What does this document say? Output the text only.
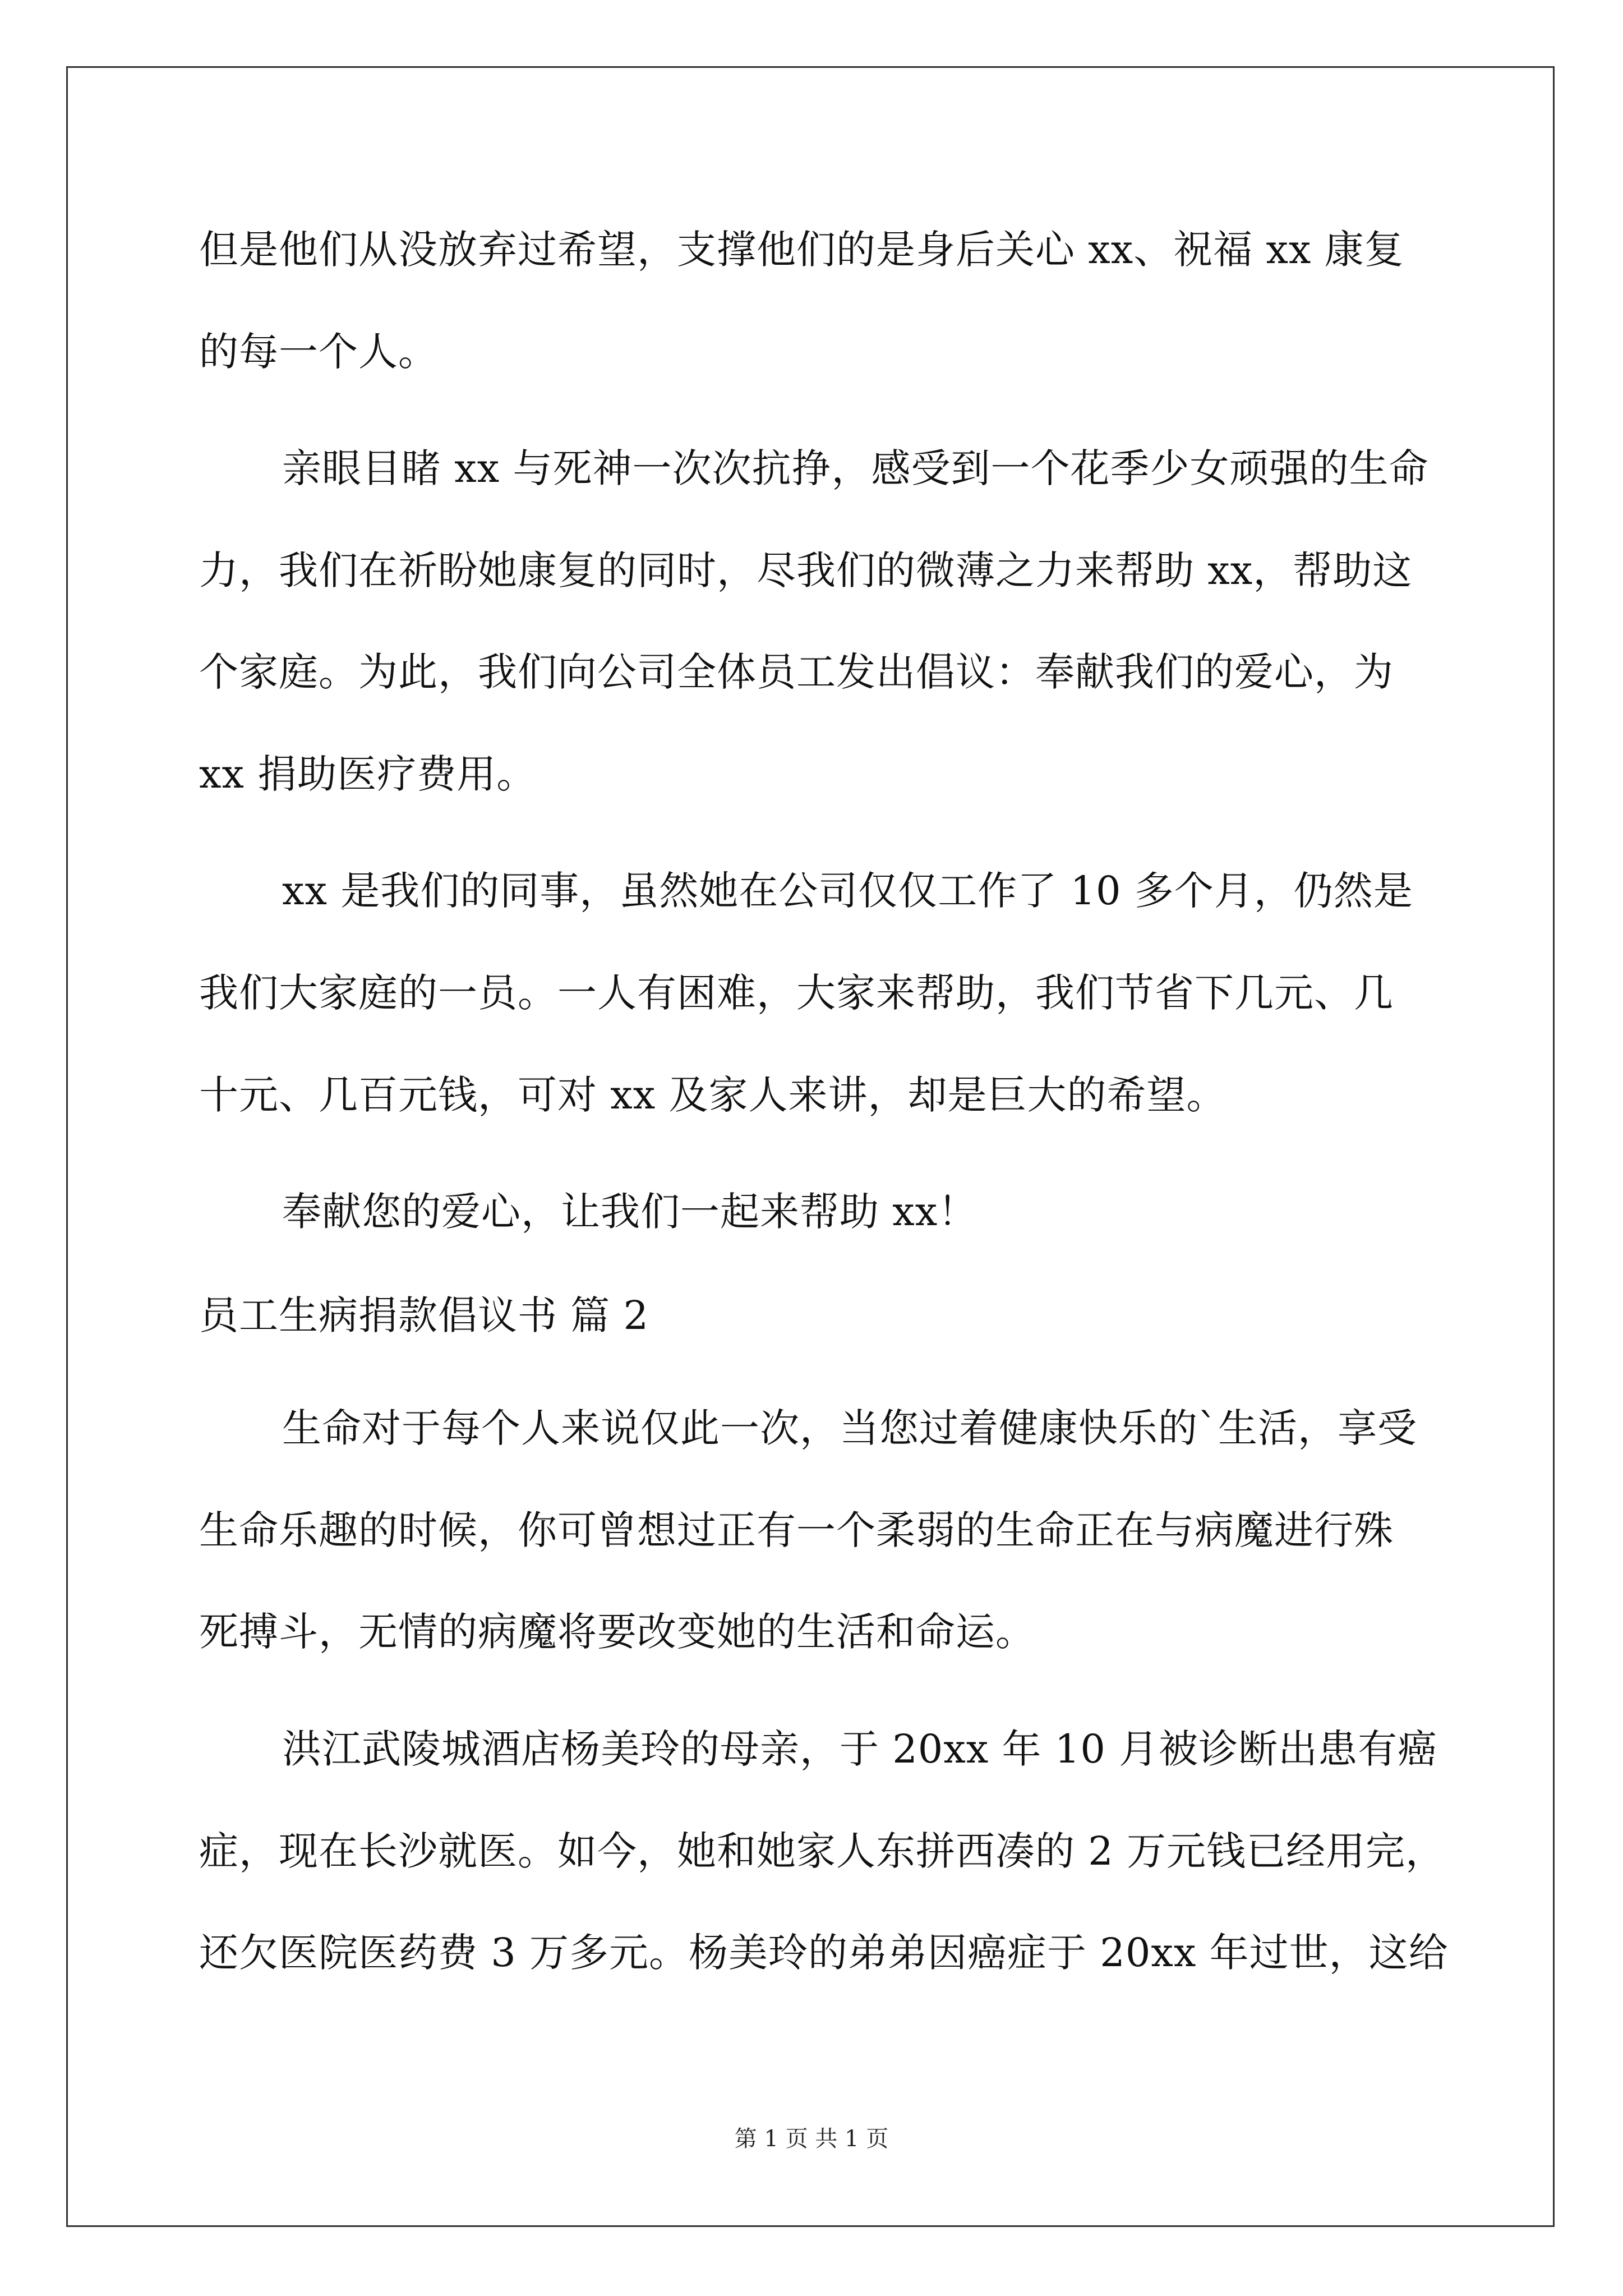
但是他们从没放弃过希望，支撑他们的是身后关心 xx、祝福 xx 康复
的每一个人。
亲眼目睹 xx 与死神一次次抗挣，感受到一个花季少女顽强的生命
力，我们在祈盼她康复的同时，尽我们的微薄之力来帮助 xx，帮助这
个家庭。为此，我们向公司全体员工发出倡议：奉献我们的爱心，为
xx 捐助医疗费用。
xx 是我们的同事，虽然她在公司仅仅工作了 10 多个月，仍然是
我们大家庭的一员。一人有困难，大家来帮助，我们节省下几元、几
十元、几百元钱，可对 xx 及家人来讲，却是巨大的希望。
奉献您的爱心，让我们一起来帮助 xx！
员工生病捐款倡议书 篇 2
生命对于每个人来说仅此一次，当您过着健康快乐的`生活，享受
生命乐趣的时候，你可曾想过正有一个柔弱的生命正在与病魔进行殊
死搏斗，无情的病魔将要改变她的生活和命运。
洪江武陵城酒店杨美玲的母亲，于 20xx 年 10 月被诊断出患有癌
症，现在长沙就医。如今，她和她家人东拼西凑的 2 万元钱已经用完，
还欠医院医药费 3 万多元。杨美玲的弟弟因癌症于 20xx 年过世，这给
第 1 页 共 1 页
